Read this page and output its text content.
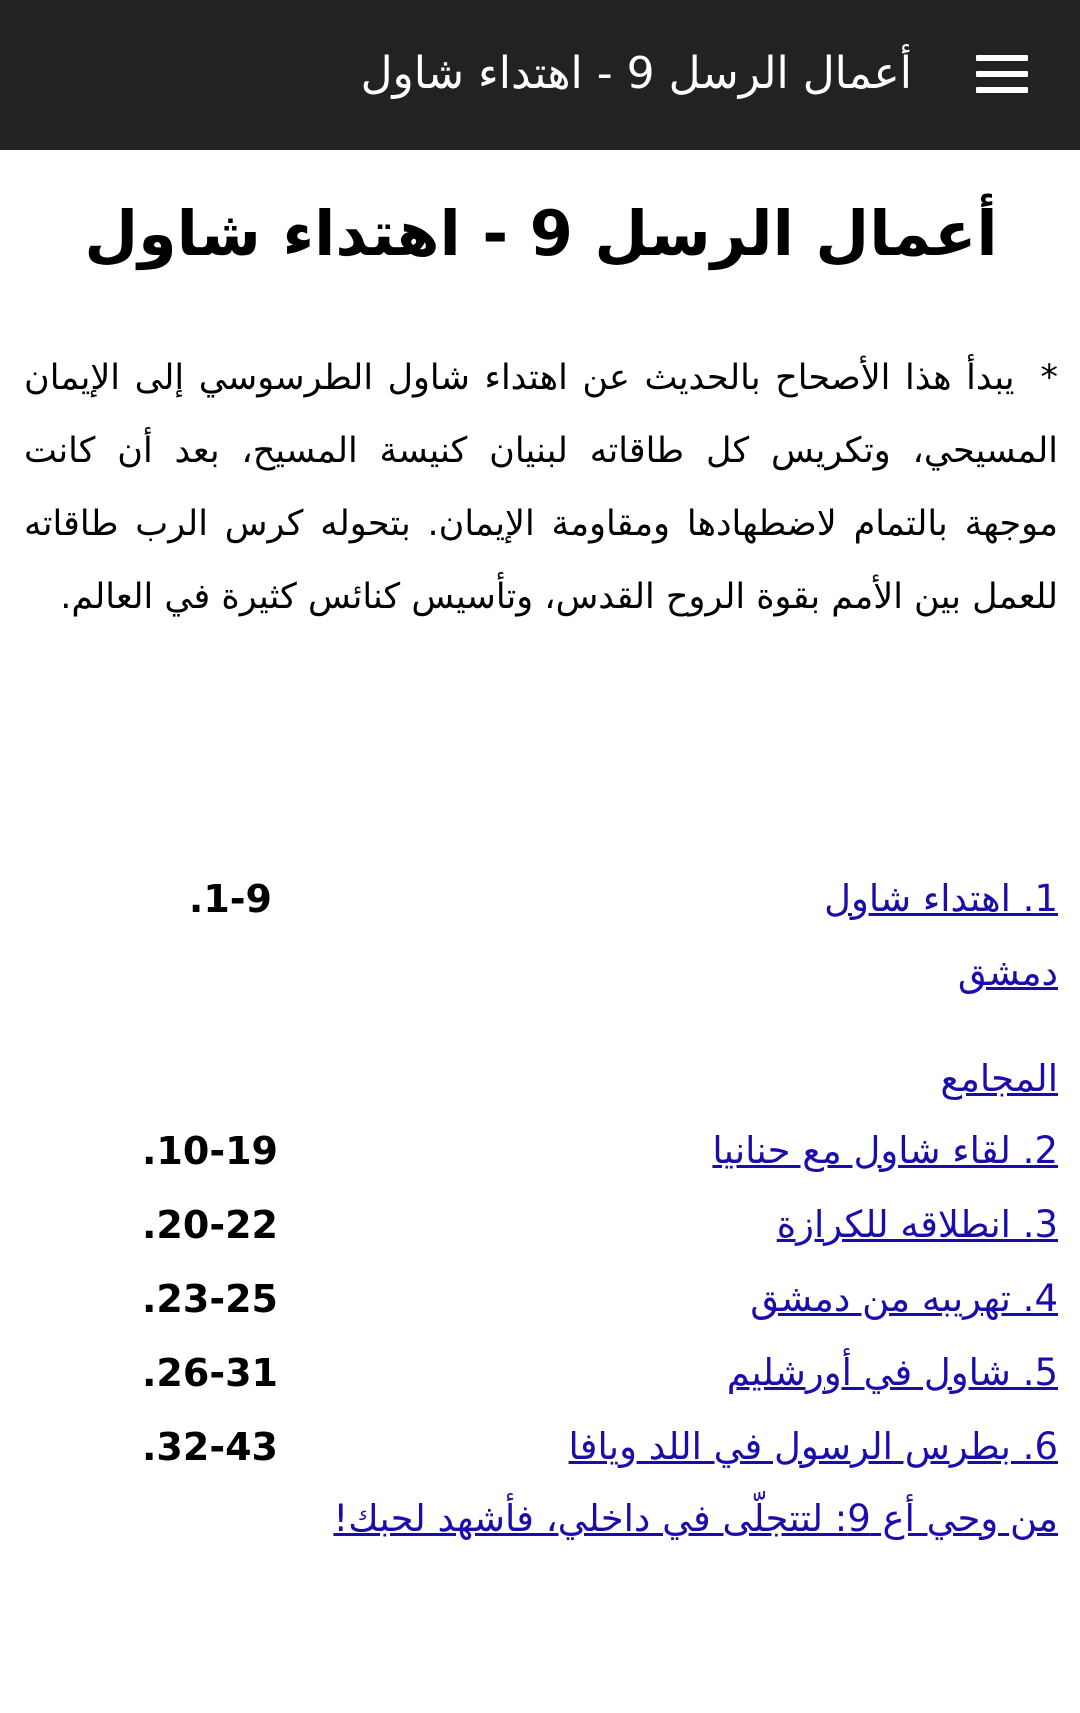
أعمال الرسل 9 - اهتداء شاول
أعمال الرسل 9 - اهتداء شاول

*يبدأ هذا الأصحاح بالحديث عن اهتداء شاول الطرسوسي إلى الإيمان المسيحي، وتكريس كل طاقاته لبنيان كنيسة المسيح، بعد أن كانت موجهة بالتمام لاضطهادها ومقاومة الإيمان. بتحوله كرس الرب طاقاته للعمل بين الأمم بقوة الروح القدس، وتأسيس كنائس كثيرة في العالم.

1. اهتداء شاول دمشق
.1-9
المجامع
2. لقاء شاول مع حنانيا
.10-19
3. انطلاقه للكرازة
.20-22
4. تهريبه من دمشق
.23-25
5. شاول في أورشليم
.26-31
6. بطرس الرسول في اللد ويافا
.32-43
من وحي أع 9: لتتجلّى في داخلي، فأشهد لحبك!
